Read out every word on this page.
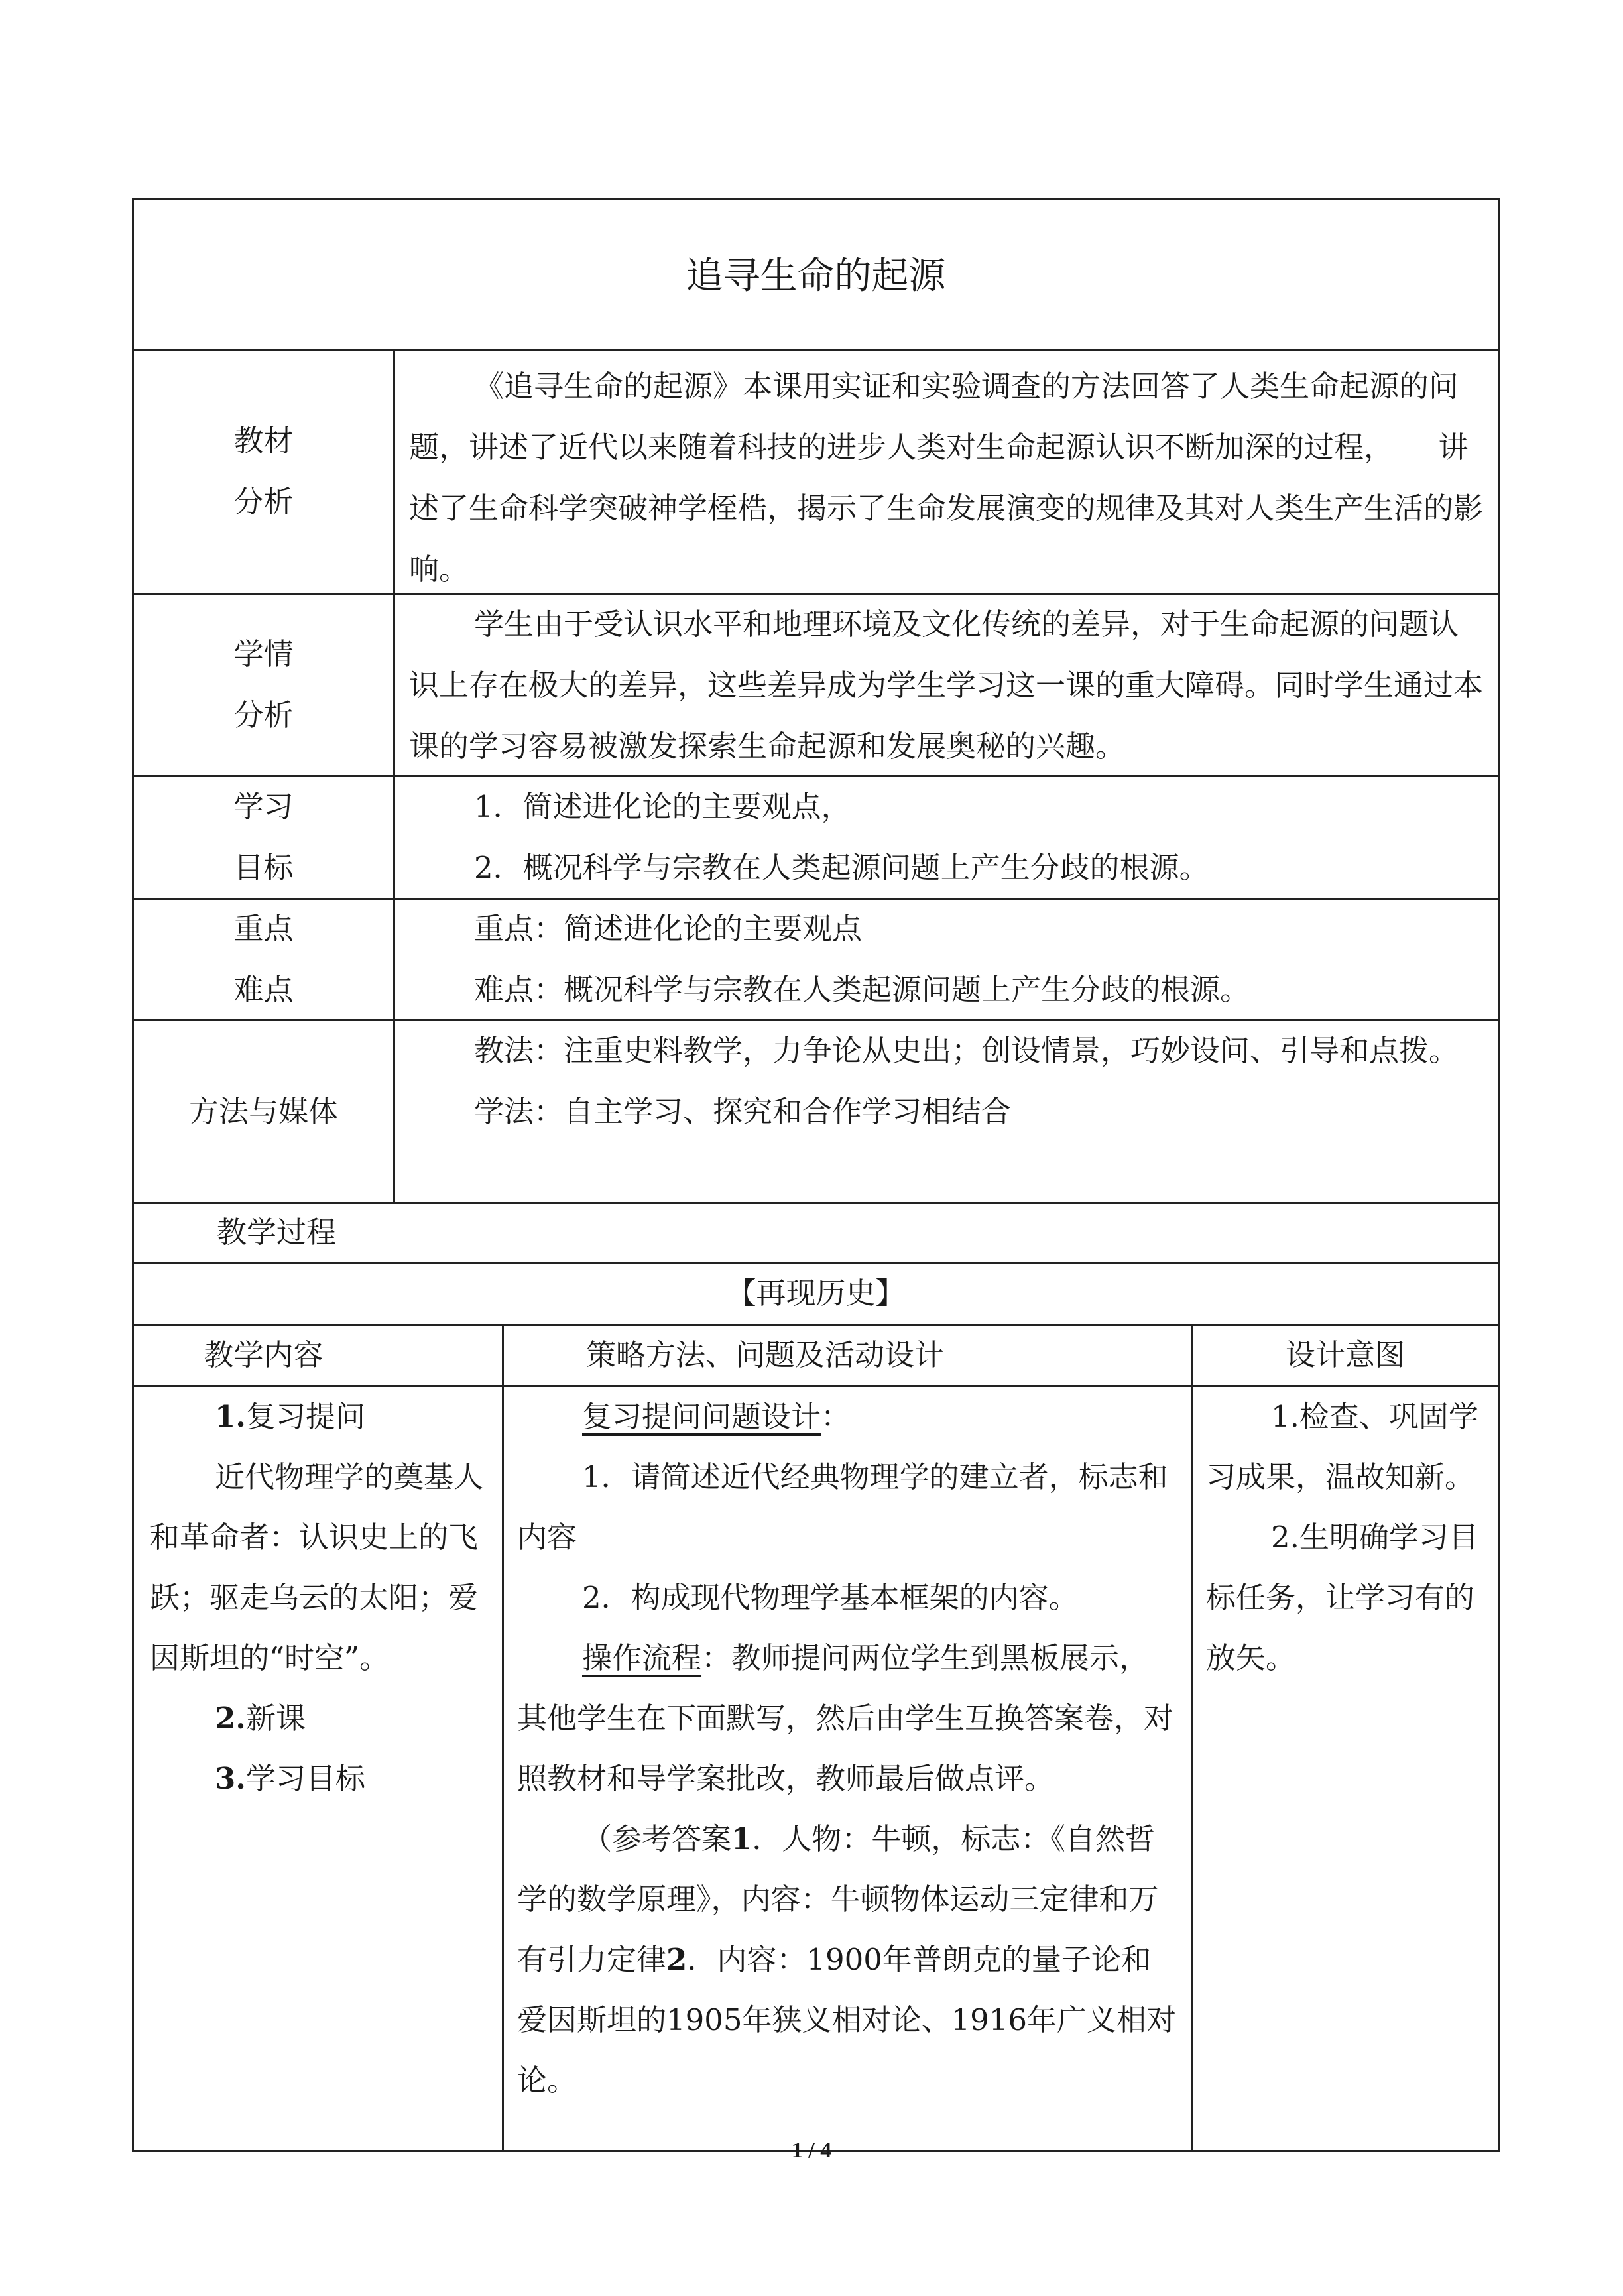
追寻生命的起源
教材
分析
《追寻生命的起源》本课用实证和实验调查的方法回答了人类生命起源的问题，讲述了近代以来随着科技的进步人类对生命起源认识不断加深的过程，　　讲述了生命科学突破神学桎梏，揭示了生命发展演变的规律及其对人类生产生活的影响。
学情
分析
学生由于受认识水平和地理环境及文化传统的差异，对于生命起源的问题认识上存在极大的差异，这些差异成为学生学习这一课的重大障碍。同时学生通过本课的学习容易被激发探索生命起源和发展奥秘的兴趣。
学习
目标
1．简述进化论的主要观点，
2．概况科学与宗教在人类起源问题上产生分歧的根源。
重点
难点
重点：简述进化论的主要观点
难点：概况科学与宗教在人类起源问题上产生分歧的根源。
方法与媒体
教法：注重史料教学，力争论从史出；创设情景，巧妙设问、引导和点拨。
学法：自主学习、探究和合作学习相结合
教学过程
【再现历史】
教学内容	策略方法、问题及活动设计	设计意图
1.复习提问
近代物理学的奠基人和革命者：认识史上的飞跃；驱走乌云的太阳；爱因斯坦的“时空”。
2.新课
3.学习目标
复习提问问题设计：
1．请简述近代经典物理学的建立者，标志和内容
2．构成现代物理学基本框架的内容。
操作流程：教师提问两位学生到黑板展示，其他学生在下面默写，然后由学生互换答案卷，对照教材和导学案批改，教师最后做点评。
（参考答案1．人物：牛顿，标志：《自然哲学的数学原理》，内容：牛顿物体运动三定律和万有引力定律2．内容：1900年普朗克的量子论和爱因斯坦的1905年狭义相对论、1916年广义相对论。
1.检查、巩固学习成果，温故知新。
2.生明确学习目标任务，让学习有的放矢。
1 / 4
